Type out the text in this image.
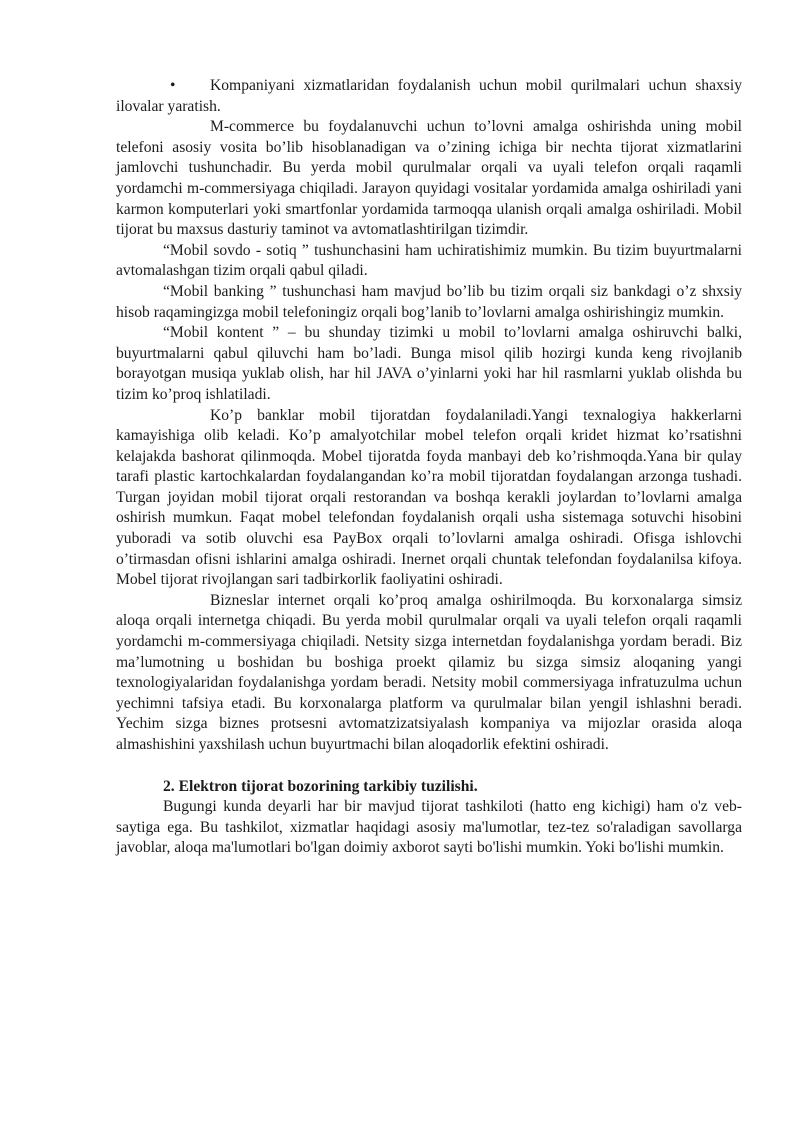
• Kompaniyani xizmatlaridan foydalanish uchun mobil qurilmalari uchun shaxsiy ilovalar yaratish.

M-commerce bu foydalanuvchi uchun to’lovni amalga oshirishda uning mobil telefoni asosiy vosita bo’lib hisoblanadigan va o’zining ichiga bir nechta tijorat xizmatlarini jamlovchi tushunchadir. Bu yerda mobil qurulmalar orqali va uyali telefon orqali raqamli yordamchi m-commersiyaga chiqiladi. Jarayon quyidagi vositalar yordamida amalga oshiriladi yani karmon komputerlari yoki smartfonlar yordamida tarmoqqa ulanish orqali amalga oshiriladi. Mobil tijorat bu maxsus dasturiy taminot va avtomatlashtirilgan tizimdir.

“Mobil sovdo - sotiq ” tushunchasini ham uchiratishimiz mumkin. Bu tizim buyurtmalarni avtomalashgan tizim orqali qabul qiladi.

“Mobil banking ” tushunchasi ham mavjud bo’lib bu tizim orqali siz bankdagi o’z shxsiy hisob raqamingizga mobil telefoningiz orqali bog’lanib to’lovlarni amalga oshirishingiz mumkin.

“Mobil kontent ” – bu shunday tizimki u mobil to’lovlarni amalga oshiruvchi balki, buyurtmalarni qabul qiluvchi ham bo’ladi. Bunga misol qilib hozirgi kunda keng rivojlanib borayotgan musiqa yuklab olish, har hil JAVA o’yinlarni yoki har hil rasmlarni yuklab olishda bu tizim ko’proq ishlatiladi.

Ko’p banklar mobil tijoratdan foydalaniladi.Yangi texnalogiya hakkerlarni kamayishiga olib keladi. Ko’p amalyotchilar mobel telefon orqali kridet hizmat ko’rsatishni kelajakda bashorat qilinmoqda. Mobel tijoratda foyda manbayi deb ko’rishmoqda.Yana bir qulay tarafi plastic kartochkalardan foydalangandan ko’ra mobil tijoratdan foydalangan arzonga tushadi. Turgan joyidan mobil tijorat orqali restorandan va boshqa kerakli joylardan to’lovlarni amalga oshirish mumkun. Faqat mobel telefondan foydalanish orqali usha sistemaga sotuvchi hisobini yuboradi va sotib oluvchi esa PayBox orqali to’lovlarni amalga oshiradi. Ofisga ishlovchi o’tirmasdan ofisni ishlarini amalga oshiradi. Inernet orqali chuntak telefondan foydalanilsa kifoya. Mobel tijorat rivojlangan sari tadbirkorlik faoliyatini oshiradi.

Bizneslar internet orqali ko’proq amalga oshirilmoqda. Bu korxonalarga simsiz aloqa orqali internetga chiqadi. Bu yerda mobil qurulmalar orqali va uyali telefon orqali raqamli yordamchi m-commersiyaga chiqiladi. Netsity sizga internetdan foydalanishga yordam beradi. Biz ma’lumotning u boshidan bu boshiga proekt qilamiz bu sizga simsiz aloqaning yangi texnologiyalaridan foydalanishga yordam beradi. Netsity mobil commersiyaga infratuzulma uchun yechimni tafsiya etadi. Bu korxonalarga platform va qurulmalar bilan yengil ishlashni beradi. Yechim sizga biznes protsesni avtomatzizatsiyalash kompaniya va mijozlar orasida aloqa almashishini yaxshilash uchun buyurtmachi bilan aloqadorlik efektini oshiradi.

2. Elektron tijorat bozorining tarkibiy tuzilishi.

Bugungi kunda deyarli har bir mavjud tijorat tashkiloti (hatto eng kichigi) ham o'z veb-saytiga ega. Bu tashkilot, xizmatlar haqidagi asosiy ma'lumotlar, tez-tez so'raladigan savollarga javoblar, aloqa ma'lumotlari bo'lgan doimiy axborot sayti bo'lishi mumkin. Yoki bo'lishi mumkin.
